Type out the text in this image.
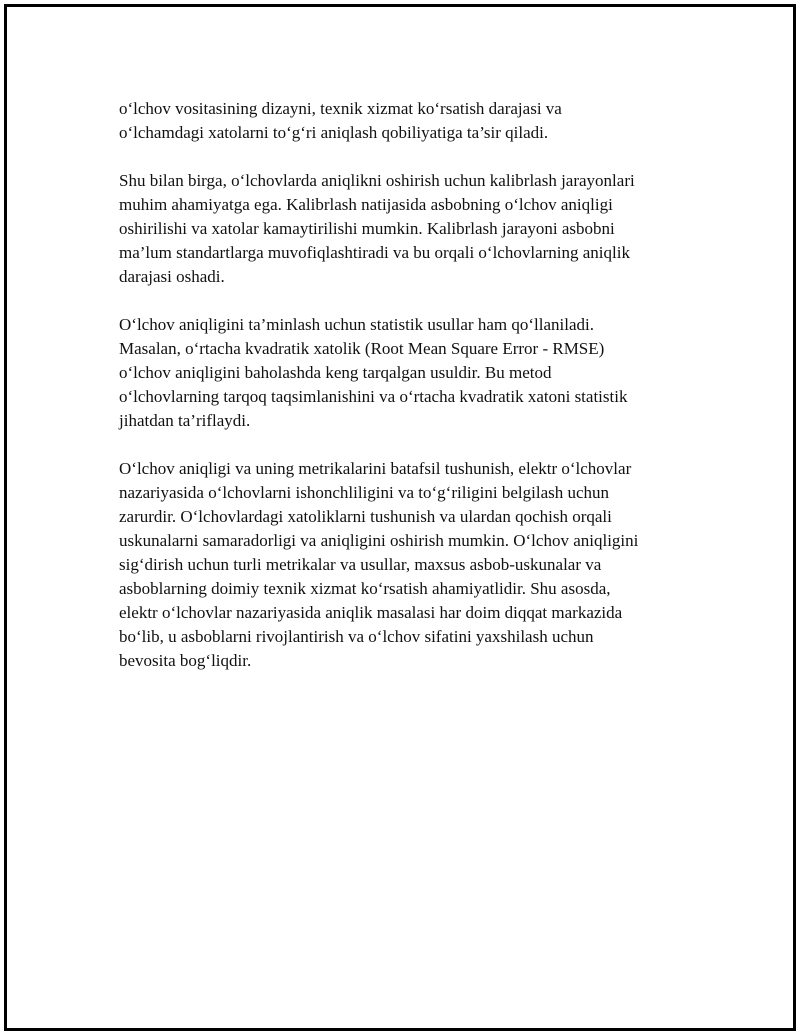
o‘lchov vositasining dizayni, texnik xizmat ko‘rsatish darajasi va
o‘lchamdagi xatolarni to‘g‘ri aniqlash qobiliyatiga ta’sir qiladi.

Shu bilan birga, o‘lchovlarda aniqlikni oshirish uchun kalibrlash jarayonlari
muhim ahamiyatga ega. Kalibrlash natijasida asbobning o‘lchov aniqligi
oshirilishi va xatolar kamaytirilishi mumkin. Kalibrlash jarayoni asbobni
ma’lum standartlarga muvofiqlashtiradi va bu orqali o‘lchovlarning aniqlik
darajasi oshadi.

O‘lchov aniqligini ta’minlash uchun statistik usullar ham qo‘llaniladi.
Masalan, o‘rtacha kvadratik xatolik (Root Mean Square Error - RMSE)
o‘lchov aniqligini baholashda keng tarqalgan usuldir. Bu metod
o‘lchovlarning tarqoq taqsimlanishini va o‘rtacha kvadratik xatoni statistik
jihatdan ta’riflaydi.

O‘lchov aniqligi va uning metrikalarini batafsil tushunish, elektr o‘lchovlar
nazariyasida o‘lchovlarni ishonchliligini va to‘g‘riligini belgilash uchun
zarurdir. O‘lchovlardagi xatoliklarni tushunish va ulardan qochish orqali
uskunalarni samaradorligi va aniqligini oshirish mumkin. O‘lchov aniqligini
sig‘dirish uchun turli metrikalar va usullar, maxsus asbob-uskunalar va
asboblarning doimiy texnik xizmat ko‘rsatish ahamiyatlidir. Shu asosda,
elektr o‘lchovlar nazariyasida aniqlik masalasi har doim diqqat markazida
bo‘lib, u asboblarni rivojlantirish va o‘lchov sifatini yaxshilash uchun
bevosita bog‘liqdir.
